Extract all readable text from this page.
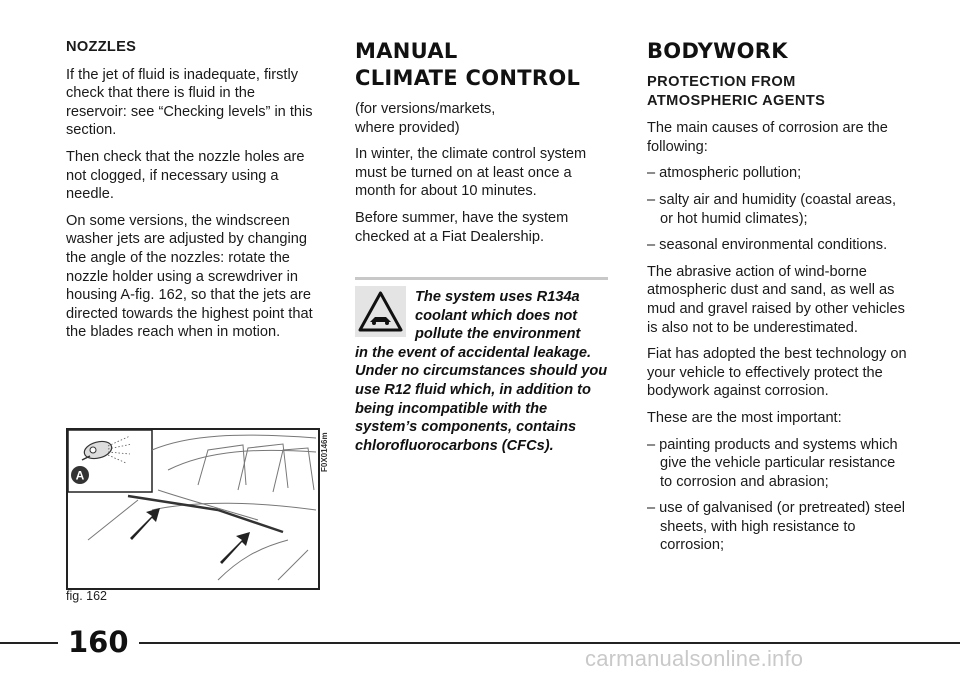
NOZZLES

If the jet of fluid is inadequate, firstly check that there is fluid in the reservoir: see “Checking levels” in this section.

Then check that the nozzle holes are not clogged, if necessary using a needle.

On some versions, the windscreen washer jets are adjusted by changing the angle of the nozzles: rotate the nozzle holder using a screwdriver in housing A-fig. 162, so that the jets are directed towards the highest point that the blades reach when in motion.

A
F0X0146m
fig. 162
MANUAL
CLIMATE CONTROL

(for versions/markets,
where provided)

In winter, the climate control system must be turned on at least once a month for about 10 minutes.

Before summer, have the system checked at a Fiat Dealership.

The system uses R134a
coolant which does not
pollute the environment
in the event of accidental leakage. Under no circumstances should you use R12 fluid which, in addition to being incompatible with the system’s components, contains chlorofluorocarbons (CFCs).
BODYWORK
PROTECTION FROM
ATMOSPHERIC AGENTS

The main causes of corrosion are the following:

– atmospheric pollution;

– salty air and humidity (coastal areas, or hot humid climates);

– seasonal environmental conditions.

The abrasive action of wind-borne atmospheric dust and sand, as well as mud and gravel raised by other vehicles is also not to be underestimated.

Fiat has adopted the best technology on your vehicle to effectively protect the bodywork against corrosion.

These are the most important:

– painting products and systems which give the vehicle particular resistance to corrosion and abrasion;

– use of galvanised (or pretreated) steel sheets, with high resistance to corrosion;

160	carmanualsonline.info
